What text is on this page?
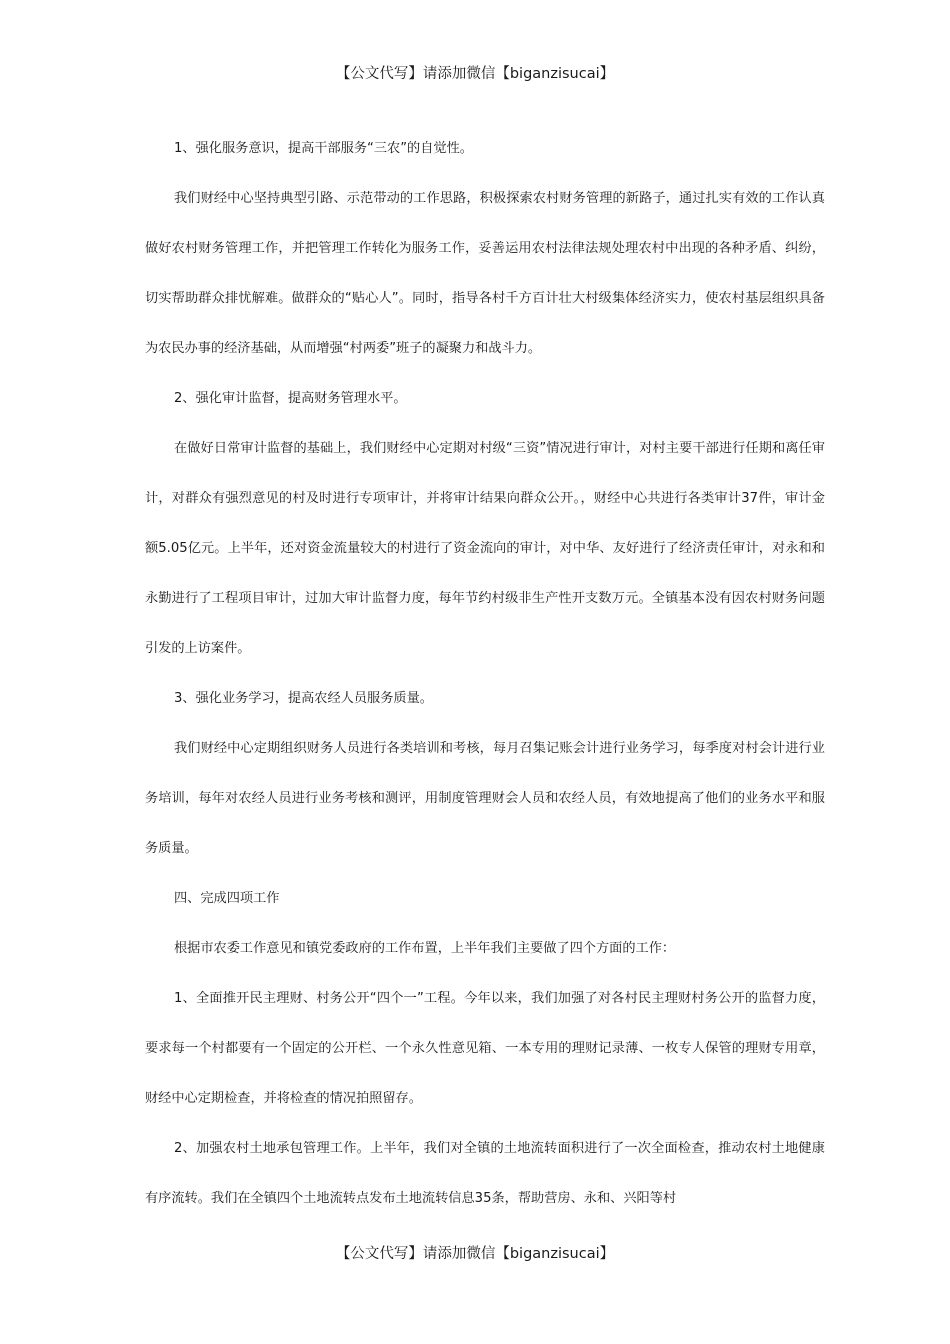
【公文代写】请添加微信【biganzisucai】

1、强化服务意识，提高干部服务“三农”的自觉性。

我们财经中心坚持典型引路、示范带动的工作思路，积极探索农村财务管理的新路子，通过扎实有效的工作认真做好农村财务管理工作，并把管理工作转化为服务工作，妥善运用农村法律法规处理农村中出现的各种矛盾、纠纷，切实帮助群众排忧解难。做群众的“贴心人”。同时，指导各村千方百计壮大村级集体经济实力，使农村基层组织具备为农民办事的经济基础，从而增强“村两委”班子的凝聚力和战斗力。

2、强化审计监督，提高财务管理水平。

在做好日常审计监督的基础上，我们财经中心定期对村级“三资”情况进行审计，对村主要干部进行任期和离任审计，对群众有强烈意见的村及时进行专项审计，并将审计结果向群众公开。，财经中心共进行各类审计37件，审计金额5.05亿元。上半年，还对资金流量较大的村进行了资金流向的审计，对中华、友好进行了经济责任审计，对永和和永勤进行了工程项目审计，过加大审计监督力度，每年节约村级非生产性开支数万元。全镇基本没有因农村财务问题引发的上访案件。

3、强化业务学习，提高农经人员服务质量。

我们财经中心定期组织财务人员进行各类培训和考核，每月召集记账会计进行业务学习，每季度对村会计进行业务培训，每年对农经人员进行业务考核和测评，用制度管理财会人员和农经人员，有效地提高了他们的业务水平和服务质量。

四、完成四项工作

根据市农委工作意见和镇党委政府的工作布置，上半年我们主要做了四个方面的工作：

1、全面推开民主理财、村务公开“四个一”工程。今年以来，我们加强了对各村民主理财村务公开的监督力度，要求每一个村都要有一个固定的公开栏、一个永久性意见箱、一本专用的理财记录薄、一枚专人保管的理财专用章，财经中心定期检查，并将检查的情况拍照留存。

2、加强农村土地承包管理工作。上半年，我们对全镇的土地流转面积进行了一次全面检查，推动农村土地健康有序流转。我们在全镇四个土地流转点发布土地流转信息35条，帮助营房、永和、兴阳等村

【公文代写】请添加微信【biganzisucai】
